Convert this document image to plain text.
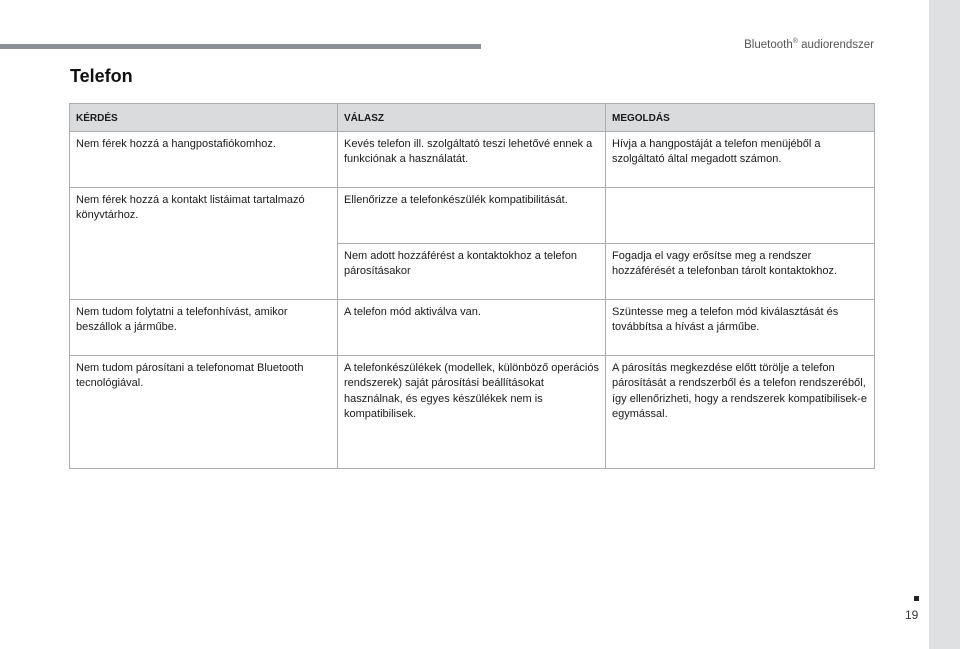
Bluetooth® audiorendszer
Telefon
KÉRDÉS	VÁLASZ	MEGOLDÁS
Nem férek hozzá a hangpostafiókomhoz.	Kevés telefon ill. szolgáltató teszi lehetővé ennek a funkciónak a használatát.	Hívja a hangpostáját a telefon menüjéből a szolgáltató által megadott számon.
Nem férek hozzá a kontakt listáimat tartalmazó könyvtárhoz.	Ellenőrizze a telefonkészülék kompatibilitását.	
	Nem adott hozzáférést a kontaktokhoz a telefon párosításakor	Fogadja el vagy erősítse meg a rendszer hozzáférését a telefonban tárolt kontaktokhoz.
Nem tudom folytatni a telefonhívást, amikor beszállok a járműbe.	A telefon mód aktiválva van.	Szüntesse meg a telefon mód kiválasztását és továbbítsa a hívást a járműbe.
Nem tudom párosítani a telefonomat Bluetooth tecnológiával.	A telefonkészülékek (modellek, különböző operációs rendszerek) saját párosítási beállításokat használnak, és egyes készülékek nem is kompatibilisek.	A párosítás megkezdése előtt törölje a telefon párosítását a rendszerből és a telefon rendszeréből, így ellenőrizheti, hogy a rendszerek kompatibilisek-e egymással.
19
